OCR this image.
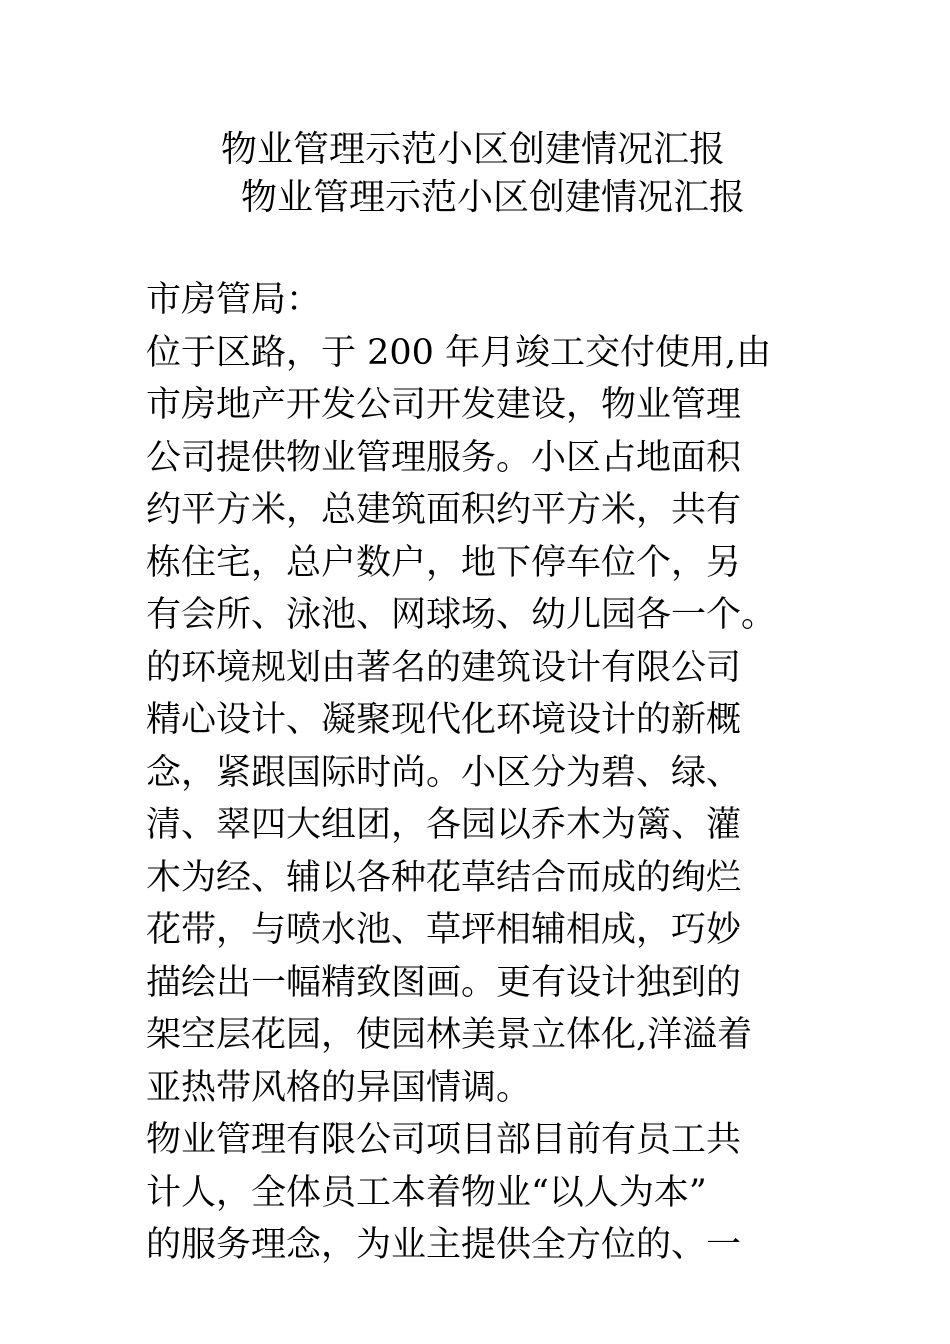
物业管理示范小区创建情况汇报
物业管理示范小区创建情况汇报
市房管局：
位于区路，于 200 年月竣工交付使用,由
市房地产开发公司开发建设，物业管理
公司提供物业管理服务。小区占地面积
约平方米，总建筑面积约平方米，共有
栋住宅，总户数户，地下停车位个，另
有会所、泳池、网球场、幼儿园各一个。
的环境规划由著名的建筑设计有限公司
精心设计、凝聚现代化环境设计的新概
念，紧跟国际时尚。小区分为碧、绿、
清、翠四大组团，各园以乔木为篱、灌
木为经、辅以各种花草结合而成的绚烂
花带，与喷水池、草坪相辅相成，巧妙
描绘出一幅精致图画。更有设计独到的
架空层花园，使园林美景立体化,洋溢着
亚热带风格的异国情调。
物业管理有限公司项目部目前有员工共
计人，全体员工本着物业“以人为本”
的服务理念，为业主提供全方位的、一
